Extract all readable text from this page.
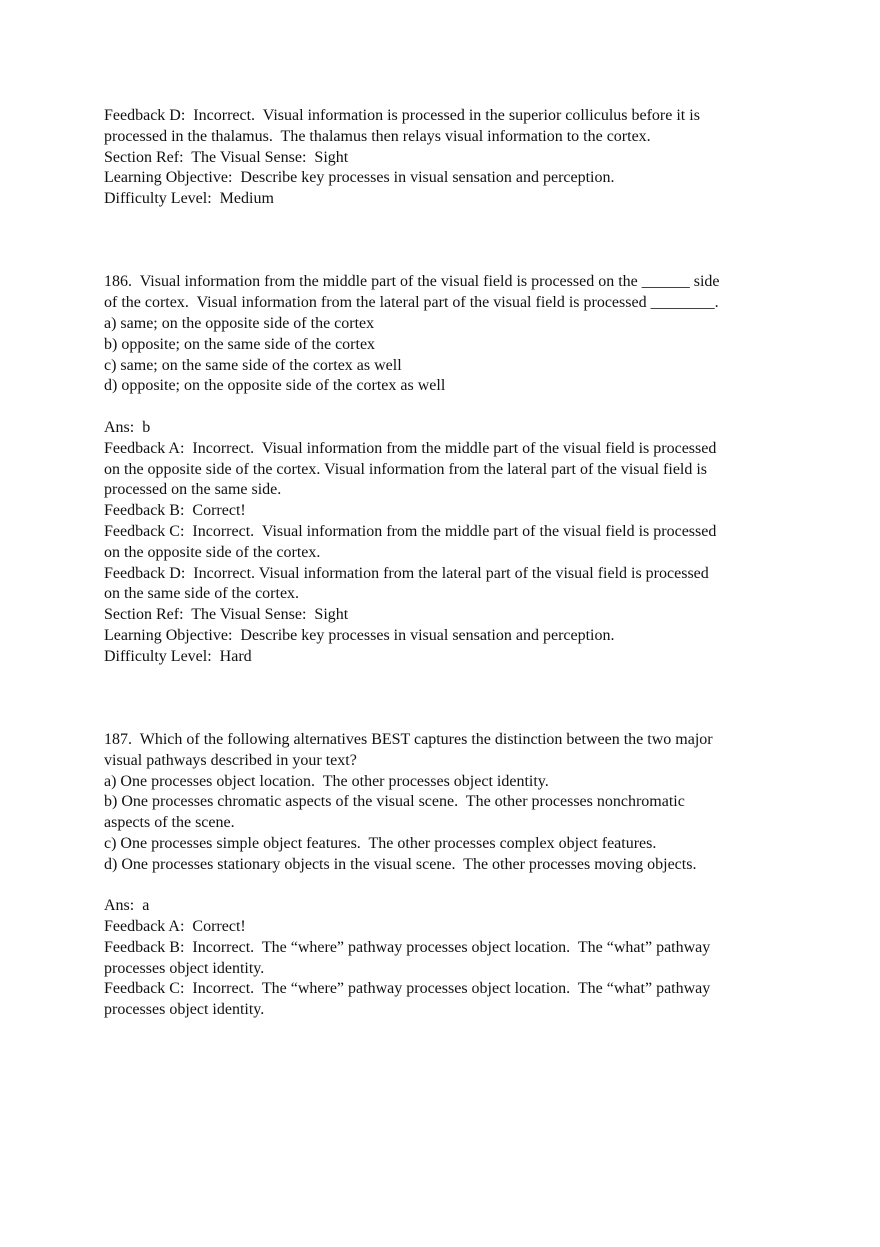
Feedback D:  Incorrect.  Visual information is processed in the superior colliculus before it is

processed in the thalamus.  The thalamus then relays visual information to the cortex.

Section Ref:  The Visual Sense:  Sight

Learning Objective:  Describe key processes in visual sensation and perception.

Difficulty Level:  Medium

186.  Visual information from the middle part of the visual field is processed on the ______ side

of the cortex.  Visual information from the lateral part of the visual field is processed ________.

a) same; on the opposite side of the cortex

b) opposite; on the same side of the cortex

c) same; on the same side of the cortex as well

d) opposite; on the opposite side of the cortex as well

Ans:  b

Feedback A:  Incorrect.  Visual information from the middle part of the visual field is processed

on the opposite side of the cortex. Visual information from the lateral part of the visual field is

processed on the same side.

Feedback B:  Correct!

Feedback C:  Incorrect.  Visual information from the middle part of the visual field is processed

on the opposite side of the cortex.

Feedback D:  Incorrect. Visual information from the lateral part of the visual field is processed

on the same side of the cortex.

Section Ref:  The Visual Sense:  Sight

Learning Objective:  Describe key processes in visual sensation and perception.

Difficulty Level:  Hard

187.  Which of the following alternatives BEST captures the distinction between the two major

visual pathways described in your text?

a) One processes object location.  The other processes object identity.

b) One processes chromatic aspects of the visual scene.  The other processes nonchromatic

aspects of the scene.

c) One processes simple object features.  The other processes complex object features.

d) One processes stationary objects in the visual scene.  The other processes moving objects.

Ans:  a

Feedback A:  Correct!

Feedback B:  Incorrect.  The “where” pathway processes object location.  The “what” pathway

processes object identity.

Feedback C:  Incorrect.  The “where” pathway processes object location.  The “what” pathway

processes object identity.
